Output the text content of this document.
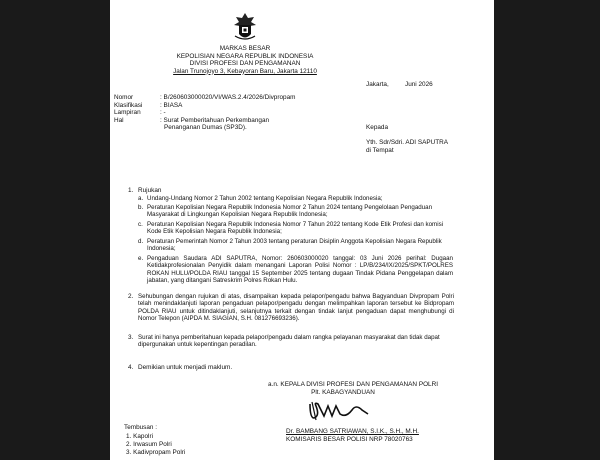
MARKAS BESAR
KEPOLISIAN NEGARA REPUBLIK INDONESIA
DIVISI PROFESI DAN PENGAMANAN
Jalan Trunojoyo 3, Kebayoran Baru, Jakarta 12110
Jakarta,	Juni 2026
Nomor	: B/260603000020/VI/WAS.2.4/2026/Divpropam
Klasifikasi	: BIASA
Lampiran	: -
Hal	: Surat Pemberitahuan Perkembangan
Penanganan Dumas (SP3D).	Kepada
Yth. Sdr/Sdri. ADI SAPUTRA
di Tempat
1. Rujukan
a. Undang-Undang Nomor 2 Tahun 2002 tentang Kepolisian Negara Republik Indonesia;
b. Peraturan Kepolisian Negara Republik Indonesia Nomor 2 Tahun 2024 tentang Pengelolaan Pengaduan Masyarakat di Lingkungan Kepolisian Negara Republik Indonesia;
c. Peraturan Kepolisian Negara Republik Indonesia Nomor 7 Tahun 2022 tentang Kode Etik Profesi dan komisi Kode Etik Kepolisian Negara Republik Indonesia;
d. Peraturan Pemerintah Nomor 2 Tahun 2003 tentang peraturan Disiplin Anggota Kepolisian Negara Republik Indonesia;
e. Pengaduan Saudara ADI SAPUTRA, Nomor: 260603000020 tanggal: 03 Juni 2026 perihal: Dugaan Ketidakprofesionalan Penyidik dalam menangani Laporan Polisi Nomor : LP/B/234/IX/2025/SPKT/POLRES ROKAN HULU/POLDA RIAU tanggal 15 September 2025 tentang dugaan Tindak Pidana Penggelapan dalam jabatan, yang ditangani Satreskrim Polres Rokan Hulu.
2. Sehubungan dengan rujukan di atas, disampaikan kepada pelapor/pengadu bahwa Bagyanduan Divpropam Polri telah menindaklanjuti laporan pengaduan pelapor/pengadu dengan melimpahkan laporan tersebut ke Bidpropam POLDA RIAU untuk ditindaklanjuti, selanjutnya terkait dengan tindak lanjut pengaduan dapat menghubungi di Nomor Telepon (AIPDA M. SIAGIAN, S.H. 081276693236).
3. Surat ini hanya pemberitahuan kepada pelapor/pengadu dalam rangka pelayanan masyarakat dan tidak dapat dipergunakan untuk kepentingan peradilan.
4. Demikian untuk menjadi maklum.
a.n. KEPALA DIVISI PROFESI DAN PENGAMANAN POLRI
Plt. KABAGYANDUAN
Dr. BAMBANG SATRIAWAN, S.I.K., S.H., M.H.
KOMISARIS BESAR POLISI NRP 78020763
Tembusan :
1. Kapolri
2. Irwasum Polri
3. Kadivpropam Polri
